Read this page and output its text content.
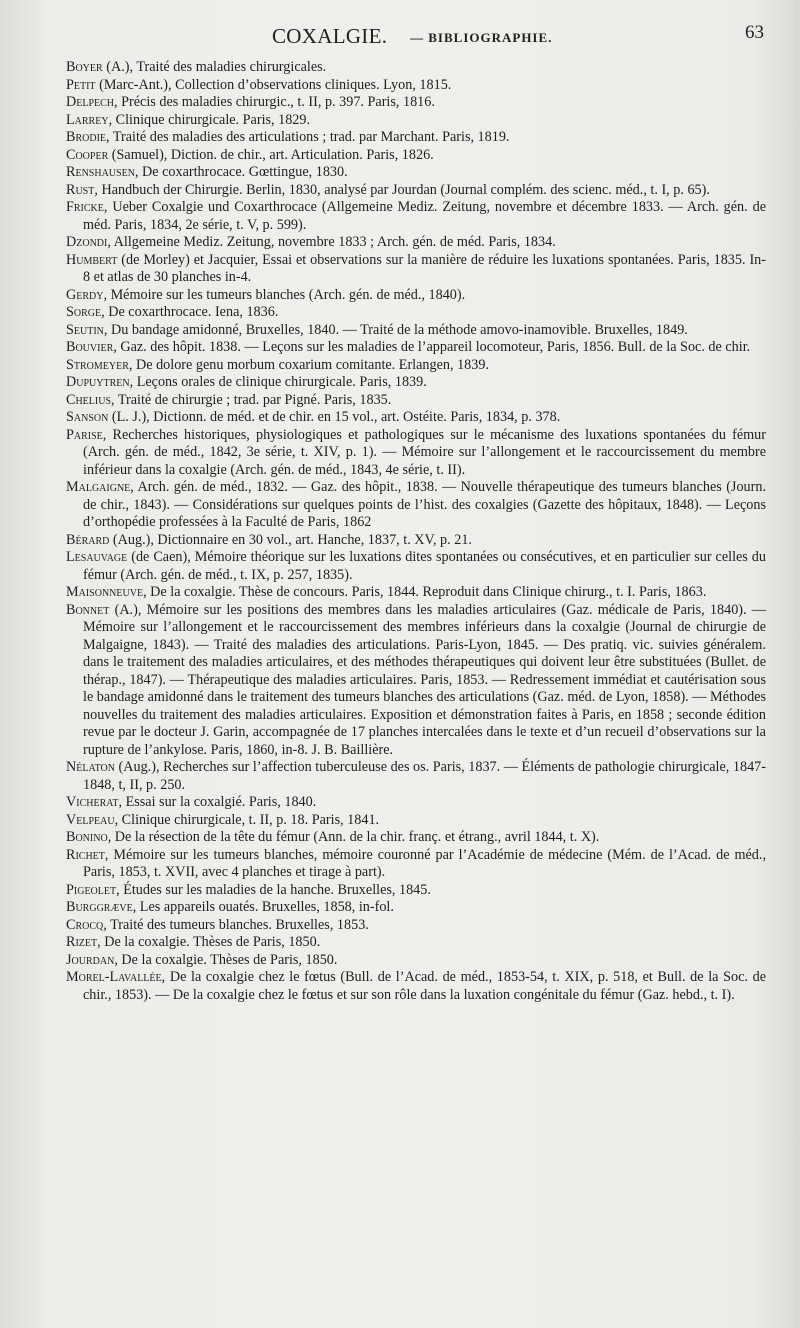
COXALGIE. — BIBLIOGRAPHIE.	63
Boyer (A.), Traité des maladies chirurgicales.
Petit (Marc-Ant.), Collection d’observations cliniques. Lyon, 1815.
Delpech, Précis des maladies chirurgic., t. II, p. 397. Paris, 1816.
Larrey, Clinique chirurgicale. Paris, 1829.
Brodie, Traité des maladies des articulations ; trad. par Marchant. Paris, 1819.
Cooper (Samuel), Diction. de chir., art. Articulation. Paris, 1826.
Renshausen, De coxarthrocace. Gœttingue, 1830.
Rust, Handbuch der Chirurgie. Berlin, 1830, analysé par Jourdan (Journal complém. des scienc. méd., t. I, p. 65).
Fricke, Ueber Coxalgie und Coxarthrocace (Allgemeine Mediz. Zeitung, novembre et décembre 1833. — Arch. gén. de méd. Paris, 1834, 2e série, t. V, p. 599).
Dzondi, Allgemeine Mediz. Zeitung, novembre 1833 ; Arch. gén. de méd. Paris, 1834.
Humbert (de Morley) et Jacquier, Essai et observations sur la manière de réduire les luxations spontanées. Paris, 1835. In-8 et atlas de 30 planches in-4.
Gerdy, Mémoire sur les tumeurs blanches (Arch. gén. de méd., 1840).
Sorge, De coxarthrocace. Iena, 1836.
Seutin, Du bandage amidonné, Bruxelles, 1840. — Traité de la méthode amovo-inamovible. Bruxelles, 1849.
Bouvier, Gaz. des hôpit. 1838. — Leçons sur les maladies de l’appareil locomoteur, Paris, 1856. Bull. de la Soc. de chir.
Stromeyer, De dolore genu morbum coxarium comitante. Erlangen, 1839.
Dupuytren, Leçons orales de clinique chirurgicale. Paris, 1839.
Chelius, Traité de chirurgie ; trad. par Pigné. Paris, 1835.
Sanson (L. J.), Dictionn. de méd. et de chir. en 15 vol., art. Ostéite. Paris, 1834, p. 378.
Parise, Recherches historiques, physiologiques et pathologiques sur le mécanisme des luxations spontanées du fémur (Arch. gén. de méd., 1842, 3e série, t. XIV, p. 1). — Mémoire sur l’allongement et le raccourcissement du membre inférieur dans la coxalgie (Arch. gén. de méd., 1843, 4e série, t. II).
Malgaigne, Arch. gén. de méd., 1832. — Gaz. des hôpit., 1838. — Nouvelle thérapeutique des tumeurs blanches (Journ. de chir., 1843). — Considérations sur quelques points de l’hist. des coxalgies (Gazette des hôpitaux, 1848). — Leçons d’orthopédie professées à la Faculté de Paris, 1862
Bérard (Aug.), Dictionnaire en 30 vol., art. Hanche, 1837, t. XV, p. 21.
Lesauvage (de Caen), Mémoire théorique sur les luxations dites spontanées ou consécutives, et en particulier sur celles du fémur (Arch. gén. de méd., t. IX, p. 257, 1835).
Maisonneuve, De la coxalgie. Thèse de concours. Paris, 1844. Reproduit dans Clinique chirurg., t. I. Paris, 1863.
Bonnet (A.), Mémoire sur les positions des membres dans les maladies articulaires (Gaz. médicale de Paris, 1840). — Mémoire sur l’allongement et le raccourcissement des membres inférieurs dans la coxalgie (Journal de chirurgie de Malgaigne, 1843). — Traité des maladies des articulations. Paris-Lyon, 1845. — Des pratiq. vic. suivies généralem. dans le traitement des maladies articulaires, et des méthodes thérapeutiques qui doivent leur être substituées (Bullet. de thérap., 1847). — Thérapeutique des maladies articulaires. Paris, 1853. — Redressement immédiat et cautérisation sous le bandage amidonné dans le traitement des tumeurs blanches des articulations (Gaz. méd. de Lyon, 1858). — Méthodes nouvelles du traitement des maladies articulaires. Exposition et démonstration faites à Paris, en 1858 ; seconde édition revue par le docteur J. Garin, accompagnée de 17 planches intercalées dans le texte et d’un recueil d’observations sur la rupture de l’ankylose. Paris, 1860, in-8. J. B. Baillière.
Nélaton (Aug.), Recherches sur l’affection tuberculeuse des os. Paris, 1837. — Éléments de pathologie chirurgicale, 1847-1848, t, II, p. 250.
Vicherat, Essai sur la coxalgié. Paris, 1840.
Velpeau, Clinique chirurgicale, t. II, p. 18. Paris, 1841.
Bonino, De la résection de la tête du fémur (Ann. de la chir. franç. et étrang., avril 1844, t. X).
Richet, Mémoire sur les tumeurs blanches, mémoire couronné par l’Académie de médecine (Mém. de l’Acad. de méd., Paris, 1853, t. XVII, avec 4 planches et tirage à part).
Pigeolet, Études sur les maladies de la hanche. Bruxelles, 1845.
Burggræve, Les appareils ouatés. Bruxelles, 1858, in-fol.
Crocq, Traité des tumeurs blanches. Bruxelles, 1853.
Rizet, De la coxalgie. Thèses de Paris, 1850.
Jourdan, De la coxalgie. Thèses de Paris, 1850.
Morel-Lavallée, De la coxalgie chez le fœtus (Bull. de l’Acad. de méd., 1853-54, t. XIX, p. 518, et Bull. de la Soc. de chir., 1853). — De la coxalgie chez le fœtus et sur son rôle dans la luxation congénitale du fémur (Gaz. hebd., t. I).
